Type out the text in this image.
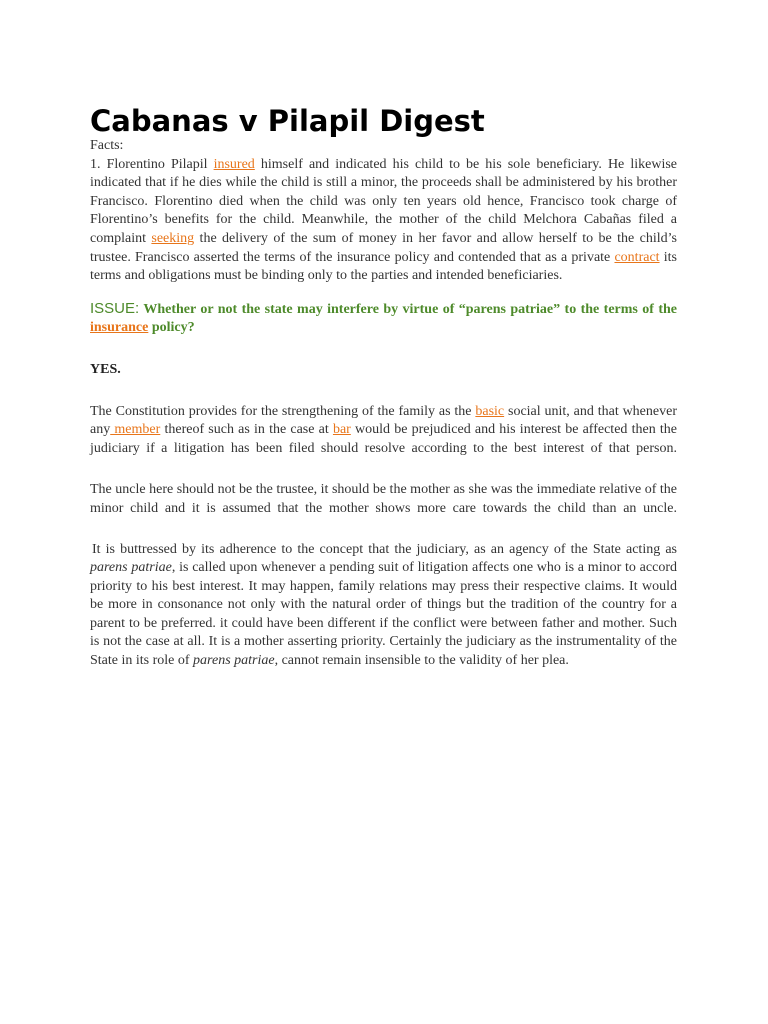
Cabanas v Pilapil Digest

Facts:

1. Florentino Pilapil insured himself and indicated his child to be his sole beneficiary. He likewise indicated that if he dies while the child is still a minor, the proceeds shall be administered by his brother Francisco. Florentino died when the child was only ten years old hence, Francisco took charge of Florentino’s benefits for the child. Meanwhile, the mother of the child Melchora Cabañas filed a complaint seeking the delivery of the sum of money in her favor and allow herself to be the child’s trustee. Francisco asserted the terms of the insurance policy and contended that as a private contract its terms and obligations must be binding only to the parties and intended beneficiaries.

ISSUE: Whether or not the state may interfere by virtue of “parens patriae” to the terms of the insurance policy?

YES.

The Constitution provides for the strengthening of the family as the basic social unit, and that whenever any member thereof such as in the case at bar would be prejudiced and his interest be affected then the judiciary if a litigation has been filed should resolve according to the best interest of that person.

The uncle here should not be the trustee, it should be the mother as she was the immediate relative of the minor child and it is assumed that the mother shows more care towards the child than an uncle.

It is buttressed by its adherence to the concept that the judiciary, as an agency of the State acting as parens patriae, is called upon whenever a pending suit of litigation affects one who is a minor to accord priority to his best interest. It may happen, family relations may press their respective claims. It would be more in consonance not only with the natural order of things but the tradition of the country for a parent to be preferred. it could have been different if the conflict were between father and mother. Such is not the case at all. It is a mother asserting priority. Certainly the judiciary as the instrumentality of the State in its role of parens patriae, cannot remain insensible to the validity of her plea.
